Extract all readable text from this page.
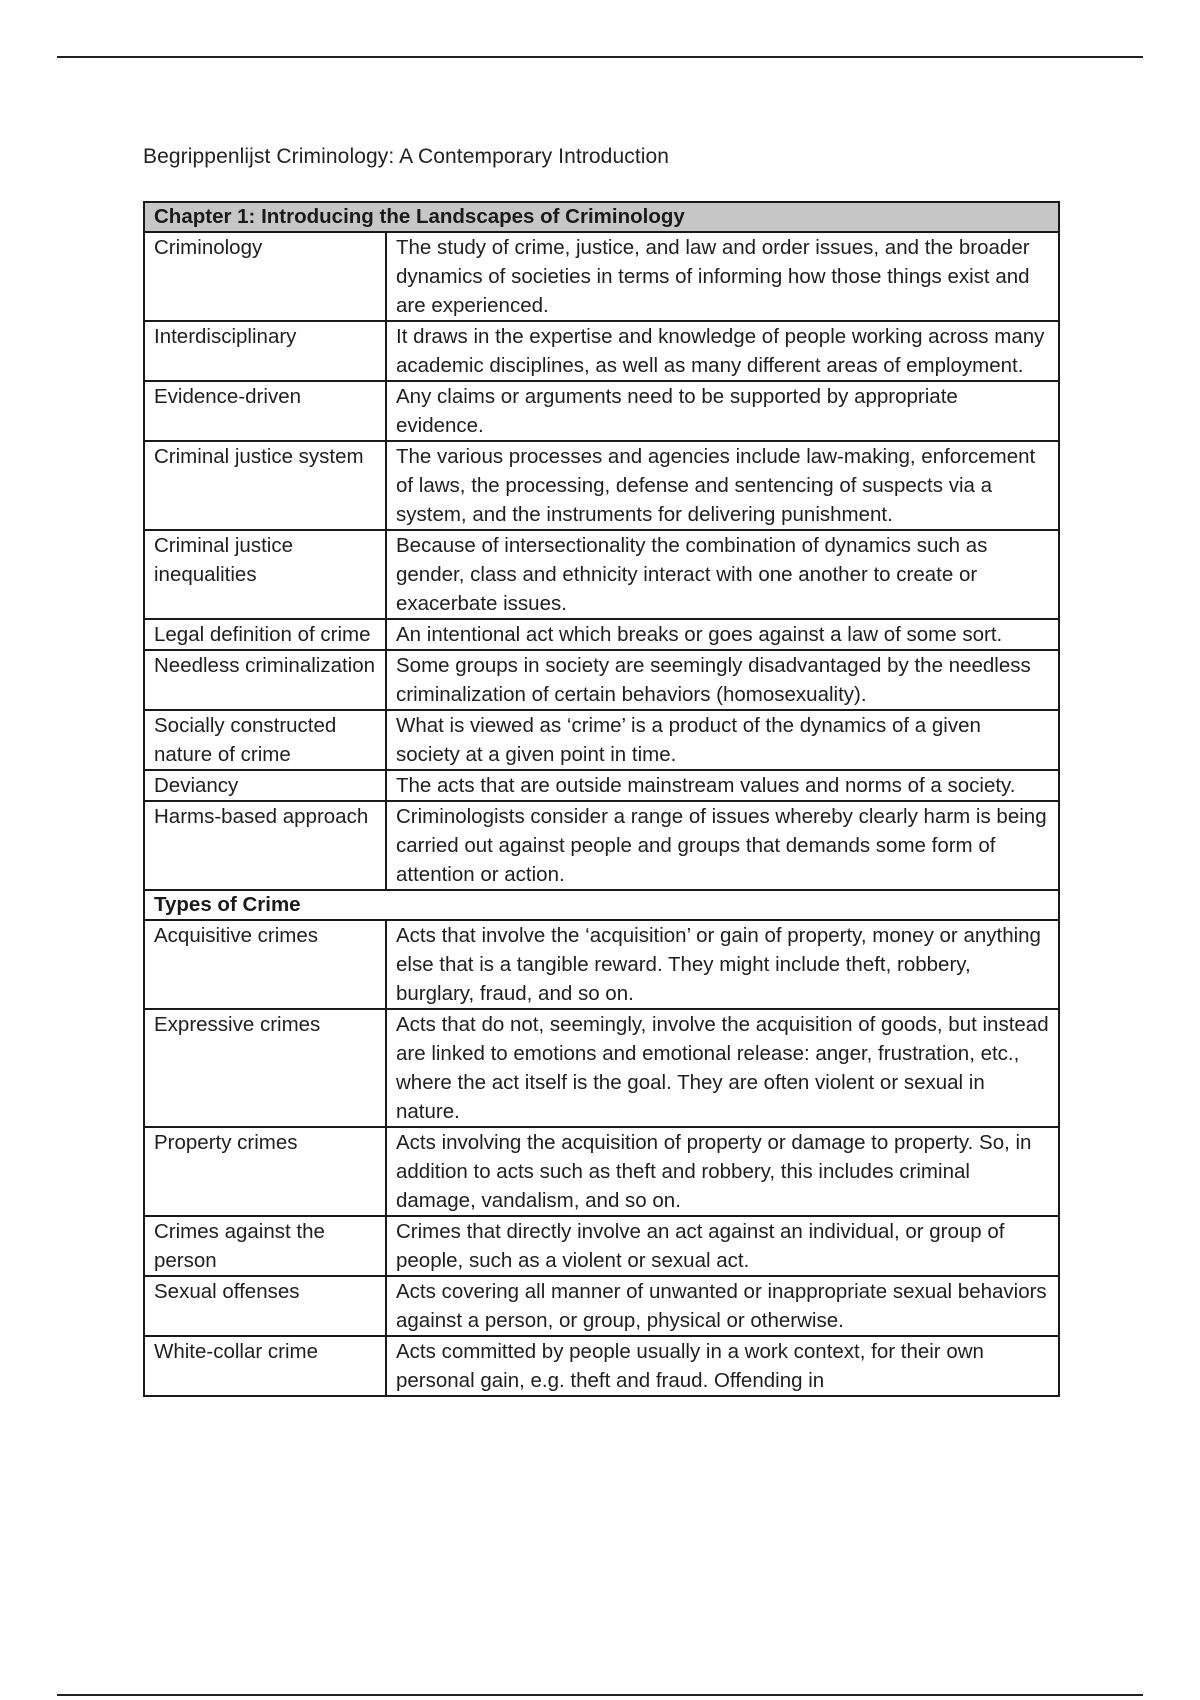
Begrippenlijst Criminology: A Contemporary Introduction
Chapter 1: Introducing the Landscapes of Criminology	
Criminology	The study of crime, justice, and law and order issues, and the broader dynamics of societies in terms of informing how those things exist and are experienced.
Interdisciplinary	It draws in the expertise and knowledge of people working across many academic disciplines, as well as many different areas of employment.
Evidence-driven	Any claims or arguments need to be supported by appropriate evidence.
Criminal justice system	The various processes and agencies include law-making, enforcement of laws, the processing, defense and sentencing of suspects via a system, and the instruments for delivering punishment.
Criminal justice inequalities	Because of intersectionality the combination of dynamics such as gender, class and ethnicity interact with one another to create or exacerbate issues.
Legal definition of crime	An intentional act which breaks or goes against a law of some sort.
Needless criminalization	Some groups in society are seemingly disadvantaged by the needless criminalization of certain behaviors (homosexuality).
Socially constructed nature of crime	What is viewed as ‘crime’ is a product of the dynamics of a given society at a given point in time.
Deviancy	The acts that are outside mainstream values and norms of a society.
Harms-based approach	Criminologists consider a range of issues whereby clearly harm is being carried out against people and groups that demands some form of attention or action.
Types of Crime	
Acquisitive crimes	Acts that involve the ‘acquisition’ or gain of property, money or anything else that is a tangible reward. They might include theft, robbery, burglary, fraud, and so on.
Expressive crimes	Acts that do not, seemingly, involve the acquisition of goods, but instead are linked to emotions and emotional release: anger, frustration, etc., where the act itself is the goal. They are often violent or sexual in nature.
Property crimes	Acts involving the acquisition of property or damage to property. So, in addition to acts such as theft and robbery, this includes criminal damage, vandalism, and so on.
Crimes against the person	Crimes that directly involve an act against an individual, or group of people, such as a violent or sexual act.
Sexual offenses	Acts covering all manner of unwanted or inappropriate sexual behaviors against a person, or group, physical or otherwise.
White-collar crime	Acts committed by people usually in a work context, for their own personal gain, e.g. theft and fraud. Offending in
